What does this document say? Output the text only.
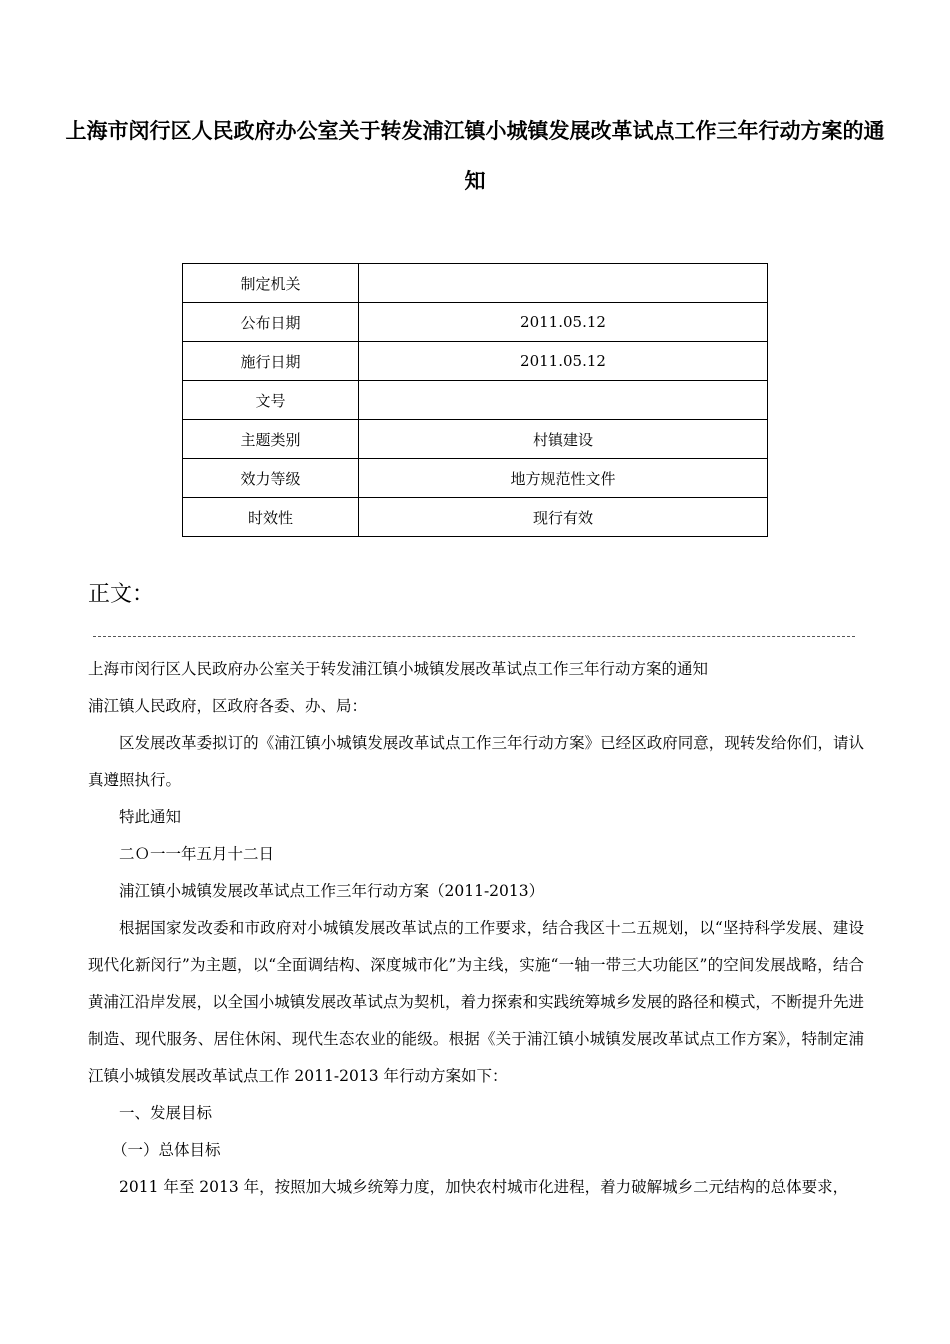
上海市闵行区人民政府办公室关于转发浦江镇小城镇发展改革试点工作三年行动方案的通知
制定机关	
公布日期	2011.05.12
施行日期	2011.05.12
文号	
主题类别	村镇建设
效力等级	地方规范性文件
时效性	现行有效
正文：

上海市闵行区人民政府办公室关于转发浦江镇小城镇发展改革试点工作三年行动方案的通知

浦江镇人民政府，区政府各委、办、局：

区发展改革委拟订的《浦江镇小城镇发展改革试点工作三年行动方案》已经区政府同意，现转发给你们，请认真遵照执行。

特此通知

二Ｏ一一年五月十二日

浦江镇小城镇发展改革试点工作三年行动方案（2011-2013）

根据国家发改委和市政府对小城镇发展改革试点的工作要求，结合我区十二五规划，以“坚持科学发展、建设现代化新闵行”为主题，以“全面调结构、深度城市化”为主线，实施“一轴一带三大功能区”的空间发展战略，结合黄浦江沿岸发展，以全国小城镇发展改革试点为契机，着力探索和实践统筹城乡发展的路径和模式，不断提升先进制造、现代服务、居住休闲、现代生态农业的能级。根据《关于浦江镇小城镇发展改革试点工作方案》，特制定浦江镇小城镇发展改革试点工作 2011-2013 年行动方案如下：

一、发展目标

（一）总体目标

2011 年至 2013 年，按照加大城乡统筹力度，加快农村城市化进程，着力破解城乡二元结构的总体要求，
